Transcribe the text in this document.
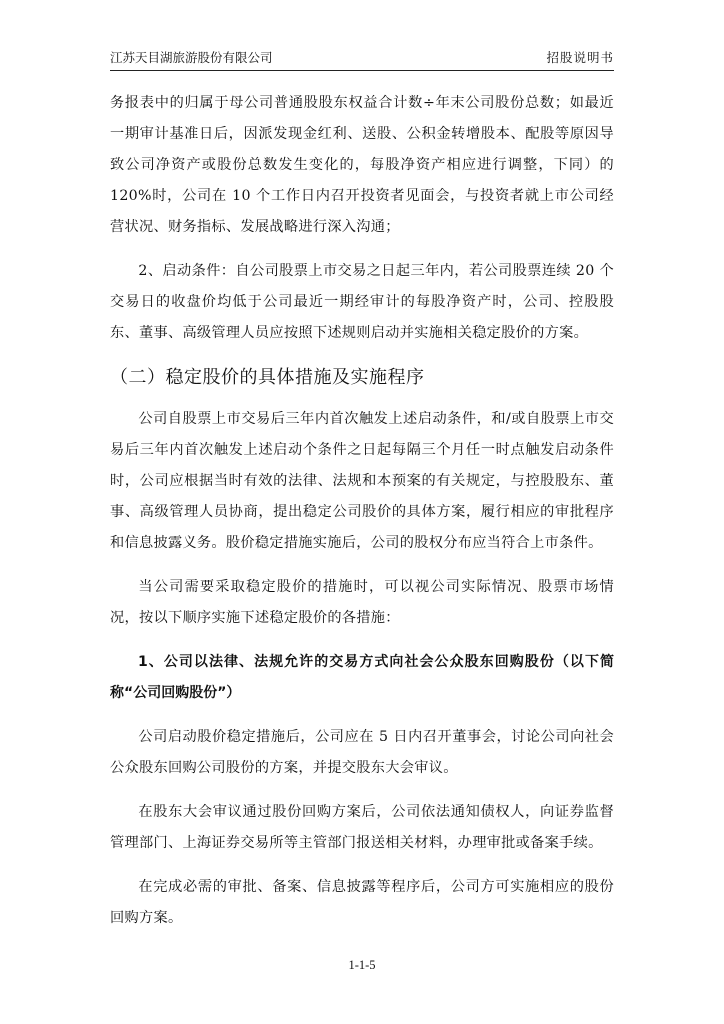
江苏天目湖旅游股份有限公司	招股说明书

务报表中的归属于母公司普通股股东权益合计数÷年末公司股份总数；如最近一期审计基准日后，因派发现金红利、送股、公积金转增股本、配股等原因导致公司净资产或股份总数发生变化的，每股净资产相应进行调整，下同）的 120%时，公司在 10 个工作日内召开投资者见面会，与投资者就上市公司经营状况、财务指标、发展战略进行深入沟通；

2、启动条件：自公司股票上市交易之日起三年内，若公司股票连续 20 个交易日的收盘价均低于公司最近一期经审计的每股净资产时，公司、控股股东、董事、高级管理人员应按照下述规则启动并实施相关稳定股价的方案。

（二）稳定股价的具体措施及实施程序

公司自股票上市交易后三年内首次触发上述启动条件，和/或自股票上市交易后三年内首次触发上述启动个条件之日起每隔三个月任一时点触发启动条件时，公司应根据当时有效的法律、法规和本预案的有关规定，与控股股东、董事、高级管理人员协商，提出稳定公司股价的具体方案，履行相应的审批程序和信息披露义务。股价稳定措施实施后，公司的股权分布应当符合上市条件。

当公司需要采取稳定股价的措施时，可以视公司实际情况、股票市场情况，按以下顺序实施下述稳定股价的各措施：

1、公司以法律、法规允许的交易方式向社会公众股东回购股份（以下简称“公司回购股份”）

公司启动股价稳定措施后，公司应在 5 日内召开董事会，讨论公司向社会公众股东回购公司股份的方案，并提交股东大会审议。

在股东大会审议通过股份回购方案后，公司依法通知债权人，向证券监督管理部门、上海证券交易所等主管部门报送相关材料，办理审批或备案手续。

在完成必需的审批、备案、信息披露等程序后，公司方可实施相应的股份回购方案。

1-1-5
